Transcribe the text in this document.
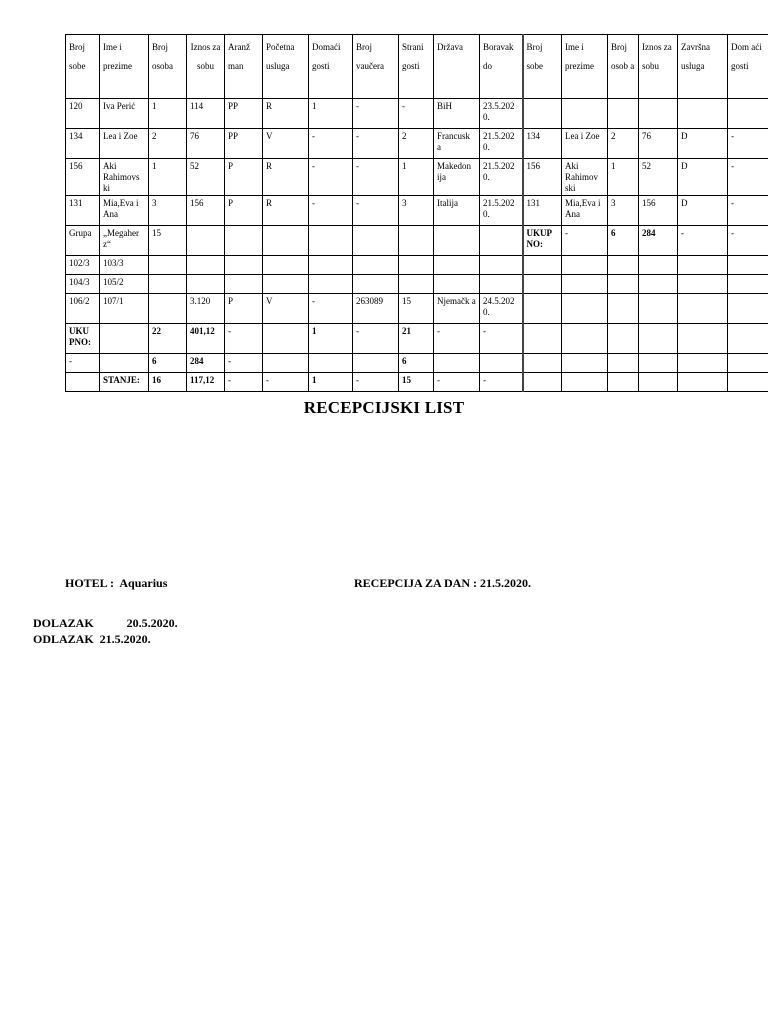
Broj sobe	Ime i prezime	Broj osoba	Iznos za sobu	Aranž man	Početna usluga	Domaći gosti	Broj vaučera	Strani gosti	Država	Boravak do	Broj sobe	Ime i prezime	Broj osob a	Iznos za sobu	Završna usluga	Dom aći gosti
120	Iva Perić	1	114	PP	R	1	-	-	BiH	23.5.202 0.						
134	Lea i Zoe	2	76	PP	V	-	-	2	Francusk a	21.5.202 0.	134	Lea i Zoe	2	76	D	-
156	Aki Rahimovs ki	1	52	P	R	-	-	1	Makedon ija	21.5.202 0.	156	Aki Rahimov ski	1	52	D	-
131	Mia,Eva i Ana	3	156	P	R	-	-	3	Italija	21.5.202 0.	131	Mia,Eva i Ana	3	156	D	-
Grupa	„Megaher z“	15									UKUP NO:	-	6	284	-	-
102/3	103/3															
104/3	105/2															
106/2	107/1		3.120	P	V	-	263089	15	Njemačk a	24.5.202 0.						
UKU PNO:		22	401,12	-		1	-	21	-	-						
-		6	284	-				6								
	STANJE:	16	117,12	-	-	1	-	15	-	-						
RECEPCIJSKI LIST
HOTEL :  Aquarius	RECEPCIJA ZA DAN : 21.5.2020.
DOLAZAK           20.5.2020.
ODLAZAK  21.5.2020.
